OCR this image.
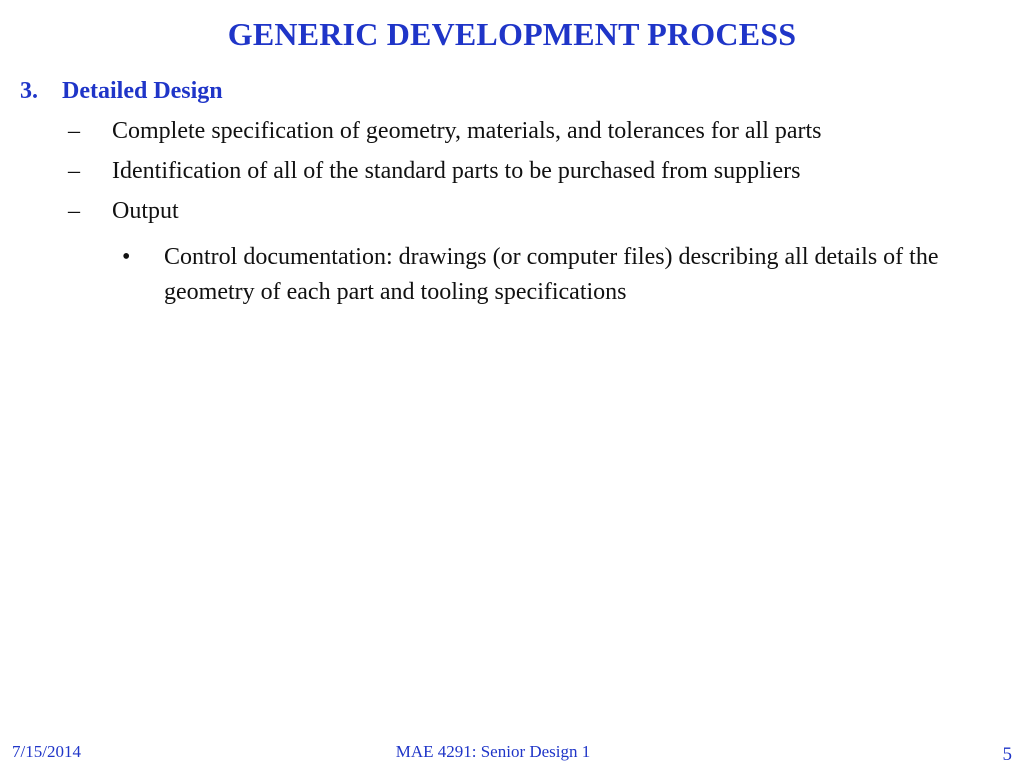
GENERIC DEVELOPMENT PROCESS
3. Detailed Design
– Complete specification of geometry, materials, and tolerances for all parts
– Identification of all of the standard parts to be purchased from suppliers
– Output
•	Control documentation: drawings (or computer files) describing all details of the geometry of each part and tooling specifications
7/15/2014	MAE 4291: Senior Design 1	5
